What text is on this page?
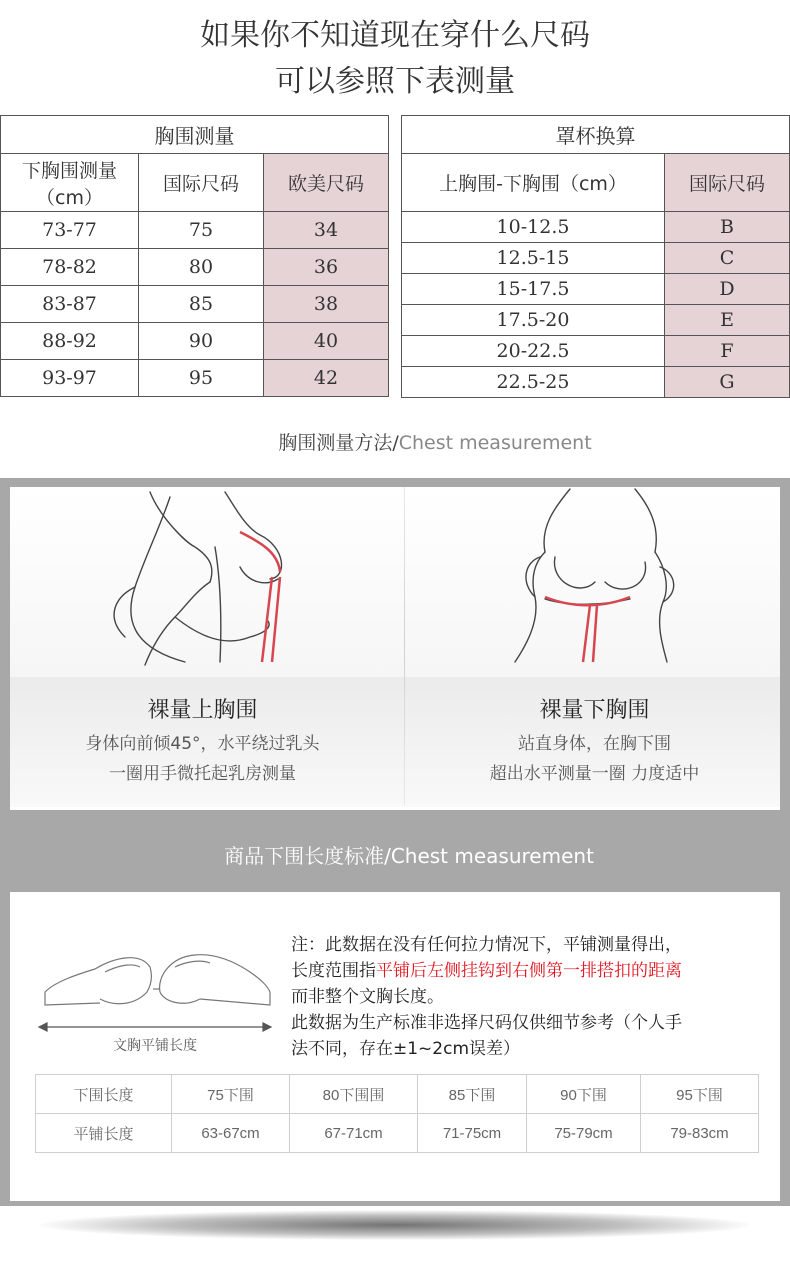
如果你不知道现在穿什么尺码
可以参照下表测量
胸围测量		
下胸围测量（cm）	国际尺码	欧美尺码
73-77	75	34
78-82	80	36
83-87	85	38
88-92	90	40
93-97	95	42
罩杯换算	
上胸围-下胸围（cm）	国际尺码
10-12.5	B
12.5-15	C
15-17.5	D
17.5-20	E
20-22.5	F
22.5-25	G
胸围测量方法/Chest measurement
裸量上胸围
身体向前倾45°，水平绕过乳头
一圈用手微托起乳房测量
裸量下胸围
站直身体，在胸下围
超出水平测量一圈 力度适中
商品下围长度标准/Chest measurement
文胸平铺长度
注：此数据在没有任何拉力情况下，平铺测量得出，
长度范围指平铺后左侧挂钩到右侧第一排搭扣的距离
而非整个文胸长度。
此数据为生产标准非选择尺码仅供细节参考（个人手
法不同，存在±1~2cm误差）
下围长度	75下围	80下围围	85下围	90下围	95下围
平铺长度	63-67cm	67-71cm	71-75cm	75-79cm	79-83cm
